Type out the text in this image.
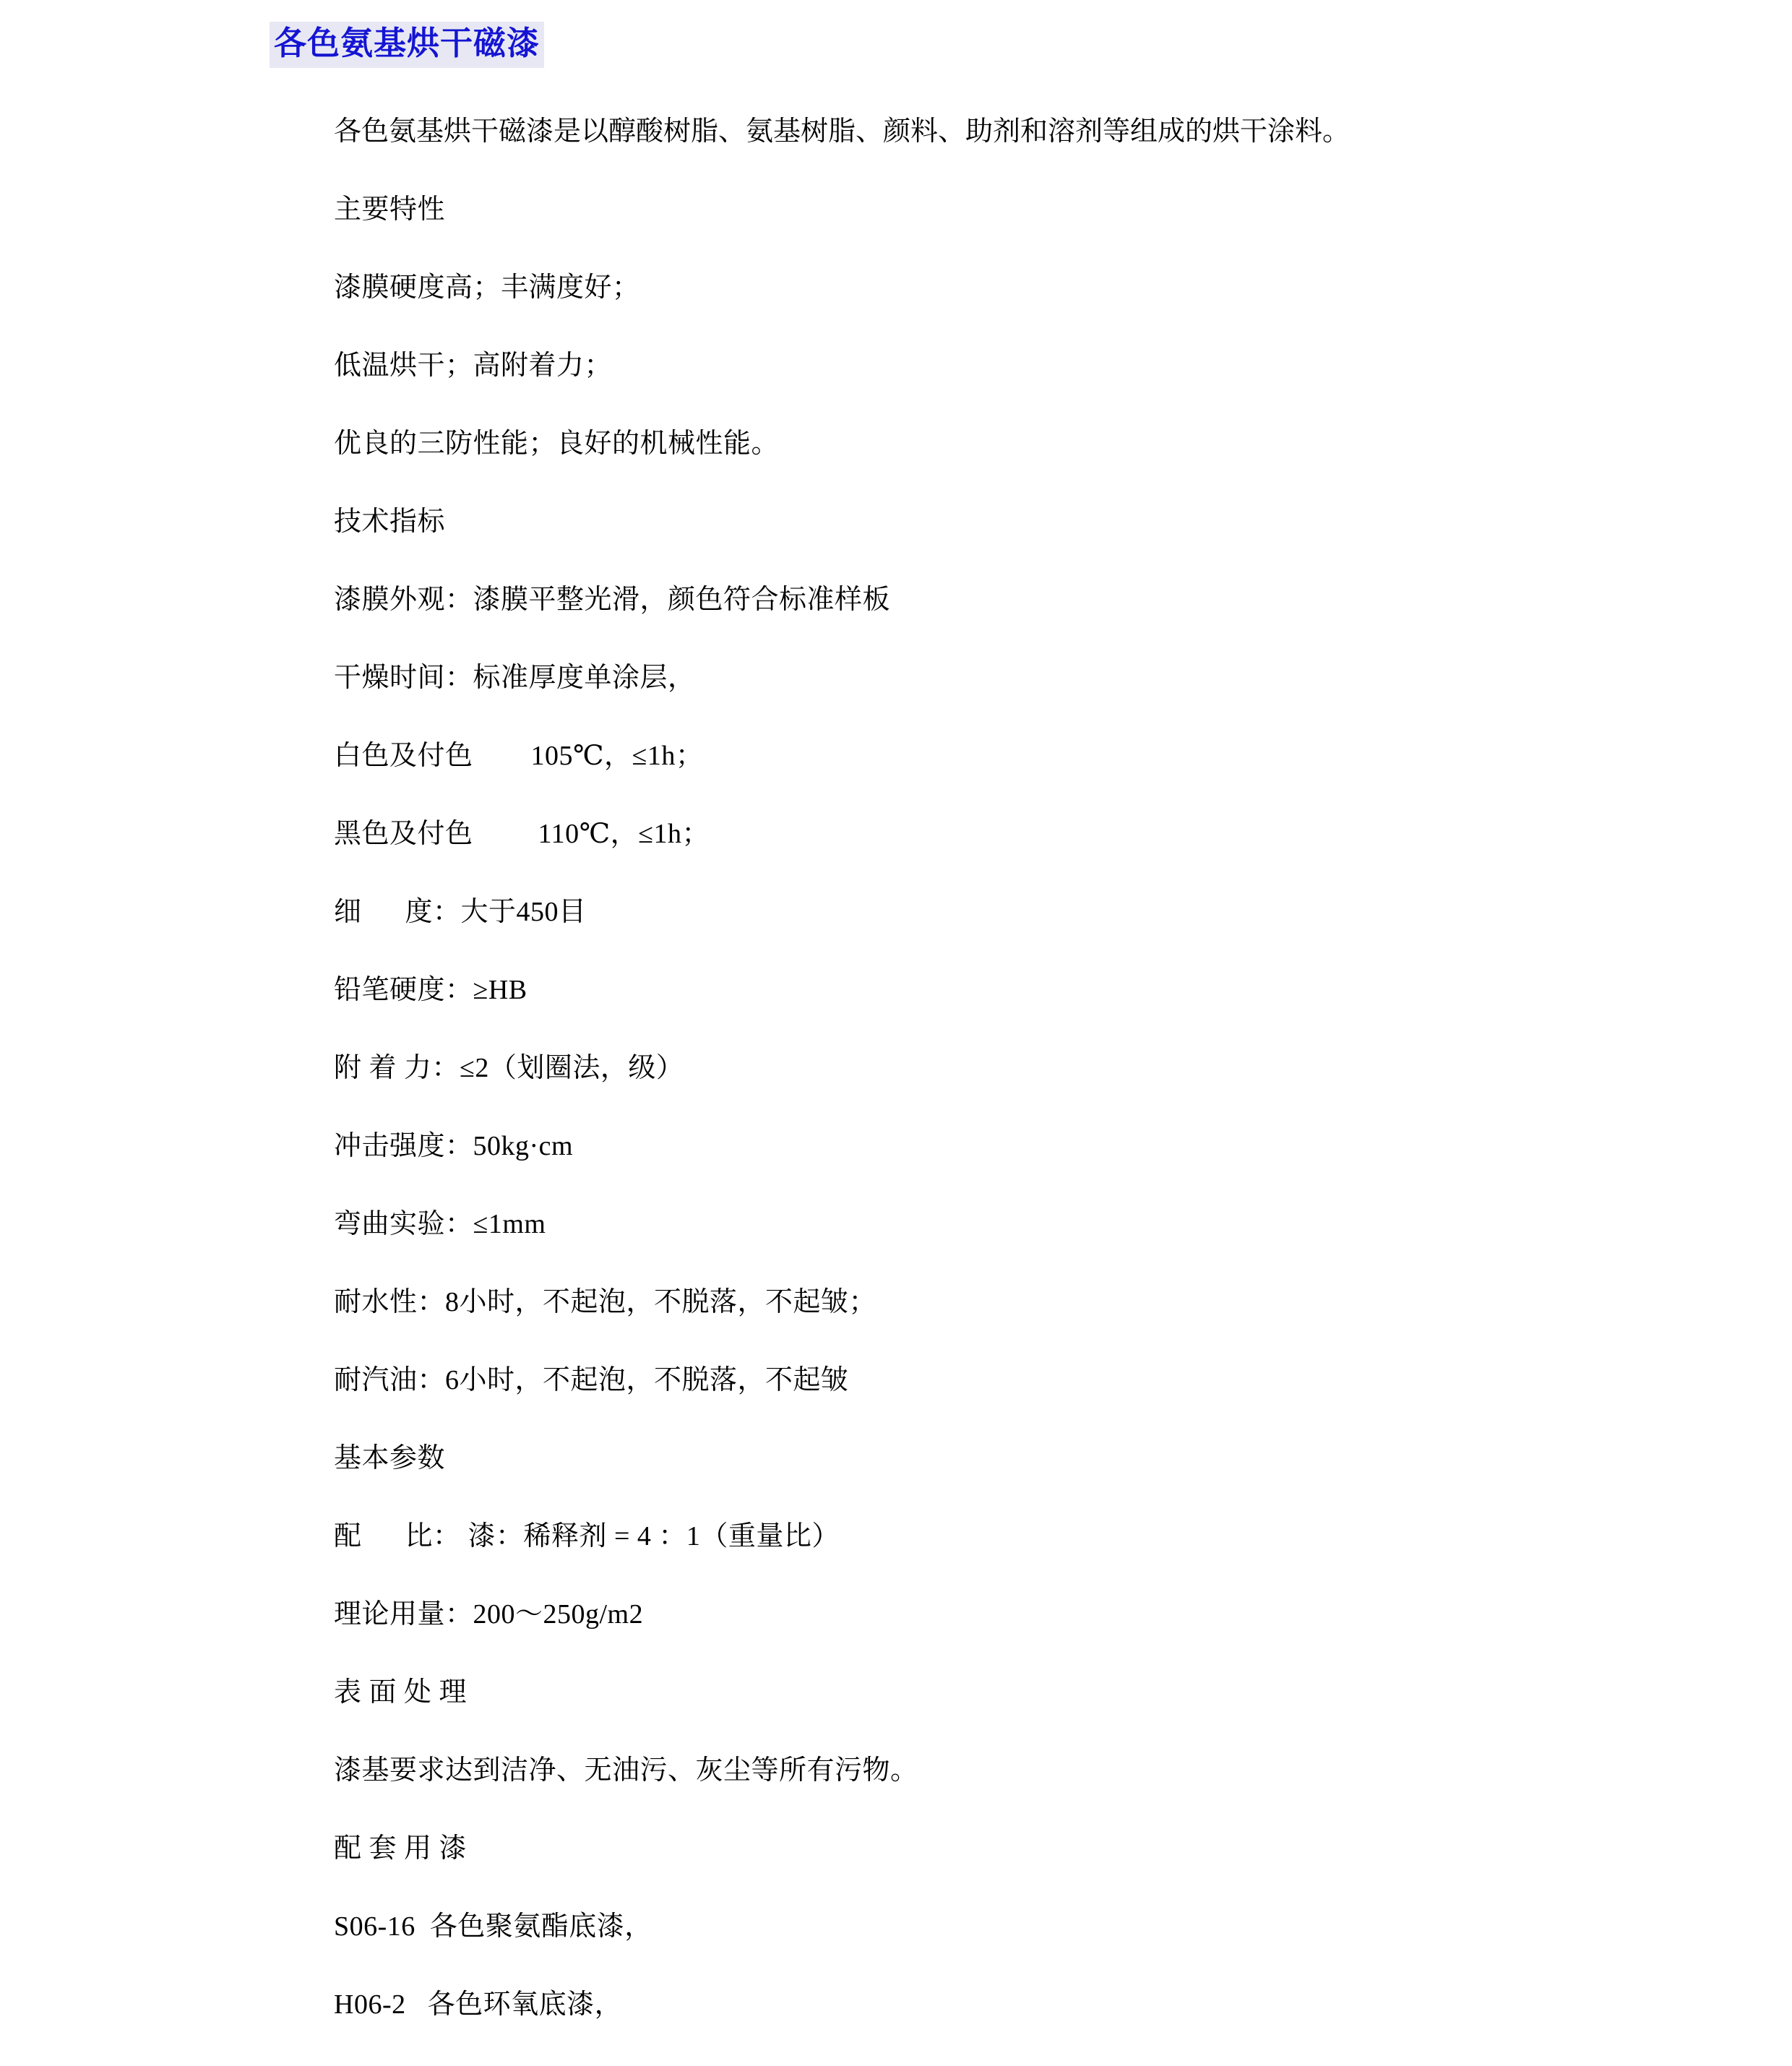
各色氨基烘干磁漆
各色氨基烘干磁漆是以醇酸树脂、氨基树脂、颜料、助剂和溶剂等组成的烘干涂料。
主要特性
漆膜硬度高；丰满度好；
低温烘干；高附着力；
优良的三防性能；良好的机械性能。
技术指标
漆膜外观：漆膜平整光滑，颜色符合标准样板
干燥时间：标准厚度单涂层，
白色及付色        105℃，≤1h；
黑色及付色         110℃，≤1h；
细      度：大于450目
铅笔硬度：≥HB
附 着 力：≤2（划圈法，级）
冲击强度：50kg·cm
弯曲实验：≤1mm
耐水性：8小时，不起泡，不脱落，不起皱；
耐汽油：6小时，不起泡，不脱落，不起皱
基本参数
配      比： 漆：稀释剂 = 4 ：1（重量比）
理论用量：200～250g/m2
表 面 处 理
漆基要求达到洁净、无油污、灰尘等所有污物。
配 套 用 漆
S06-16  各色聚氨酯底漆，
H06-2   各色环氧底漆，
